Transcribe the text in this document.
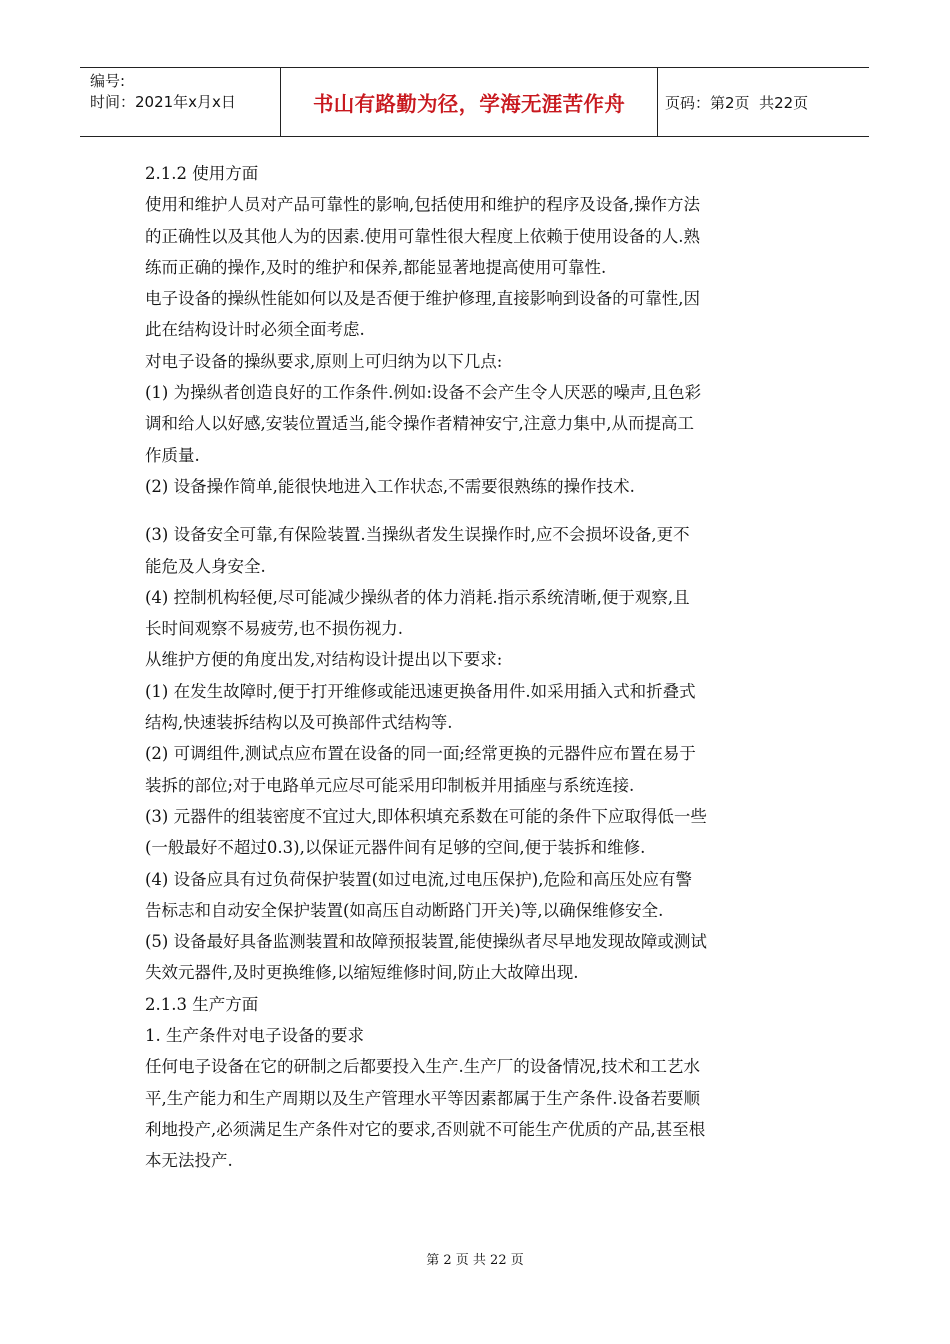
编号:
时间：2021年x月x日	书山有路勤为径，学海无涯苦作舟	页码：第2页  共22页
2.1.2 使用方面
使用和维护人员对产品可靠性的影响,包括使用和维护的程序及设备,操作方法
的正确性以及其他人为的因素.使用可靠性很大程度上依赖于使用设备的人.熟
练而正确的操作,及时的维护和保养,都能显著地提高使用可靠性.
电子设备的操纵性能如何以及是否便于维护修理,直接影响到设备的可靠性,因
此在结构设计时必须全面考虑.
对电子设备的操纵要求,原则上可归纳为以下几点:
(1) 为操纵者创造良好的工作条件.例如:设备不会产生令人厌恶的噪声,且色彩
调和给人以好感,安装位置适当,能令操作者精神安宁,注意力集中,从而提高工
作质量.
(2) 设备操作简单,能很快地进入工作状态,不需要很熟练的操作技术.
(3) 设备安全可靠,有保险装置.当操纵者发生误操作时,应不会损坏设备,更不
能危及人身安全.
(4) 控制机构轻便,尽可能减少操纵者的体力消耗.指示系统清晰,便于观察,且
长时间观察不易疲劳,也不损伤视力.
从维护方便的角度出发,对结构设计提出以下要求:
(1) 在发生故障时,便于打开维修或能迅速更换备用件.如采用插入式和折叠式
结构,快速装拆结构以及可换部件式结构等.
(2) 可调组件,测试点应布置在设备的同一面;经常更换的元器件应布置在易于
装拆的部位;对于电路单元应尽可能采用印制板并用插座与系统连接.
(3) 元器件的组装密度不宜过大,即体积填充系数在可能的条件下应取得低一些
(一般最好不超过0.3),以保证元器件间有足够的空间,便于装拆和维修.
(4) 设备应具有过负荷保护装置(如过电流,过电压保护),危险和高压处应有警
告标志和自动安全保护装置(如高压自动断路门开关)等,以确保维修安全.
(5) 设备最好具备监测装置和故障预报装置,能使操纵者尽早地发现故障或测试
失效元器件,及时更换维修,以缩短维修时间,防止大故障出现.
2.1.3 生产方面
1. 生产条件对电子设备的要求
任何电子设备在它的研制之后都要投入生产.生产厂的设备情况,技术和工艺水
平,生产能力和生产周期以及生产管理水平等因素都属于生产条件.设备若要顺
利地投产,必须满足生产条件对它的要求,否则就不可能生产优质的产品,甚至根
本无法投产.
第 2 页 共 22 页
